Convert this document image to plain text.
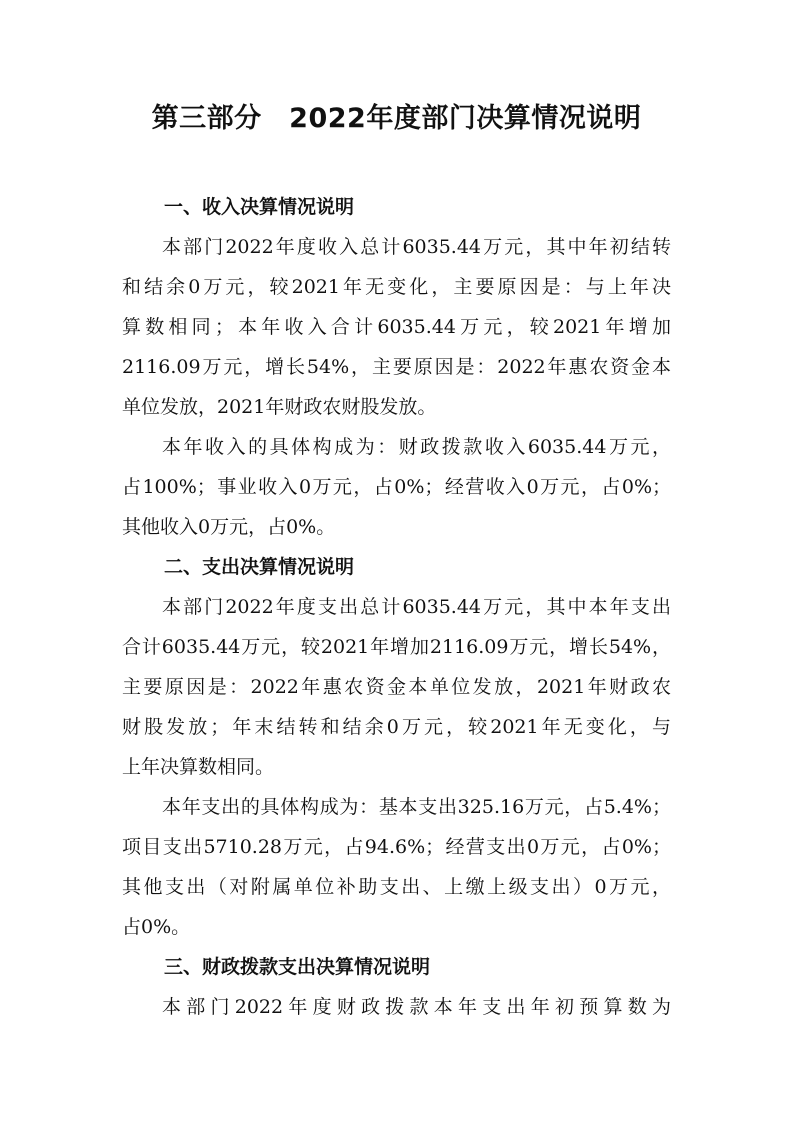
第三部分　2022年度部门决算情况说明
一、收入决算情况说明
本部门2022年度收入总计6035.44万元，其中年初结转
和结余0万元，较2021年无变化，主要原因是：与上年决
算数相同；本年收入合计6035.44万元，较2021年增加
2116.09万元，增长54%，主要原因是：2022年惠农资金本
单位发放，2021年财政农财股发放。
本年收入的具体构成为：财政拨款收入6035.44万元，
占100%；事业收入0万元，占0%；经营收入0万元，占0%；
其他收入0万元，占0%。
二、支出决算情况说明
本部门2022年度支出总计6035.44万元，其中本年支出
合计6035.44万元，较2021年增加2116.09万元，增长54%，
主要原因是：2022年惠农资金本单位发放，2021年财政农
财股发放；年末结转和结余0万元，较2021年无变化，与
上年决算数相同。
本年支出的具体构成为：基本支出325.16万元，占5.4%；
项目支出5710.28万元，占94.6%；经营支出0万元，占0%；
其他支出（对附属单位补助支出、上缴上级支出）0万元，
占0%。
三、财政拨款支出决算情况说明
本部门2022年度财政拨款本年支出年初预算数为
